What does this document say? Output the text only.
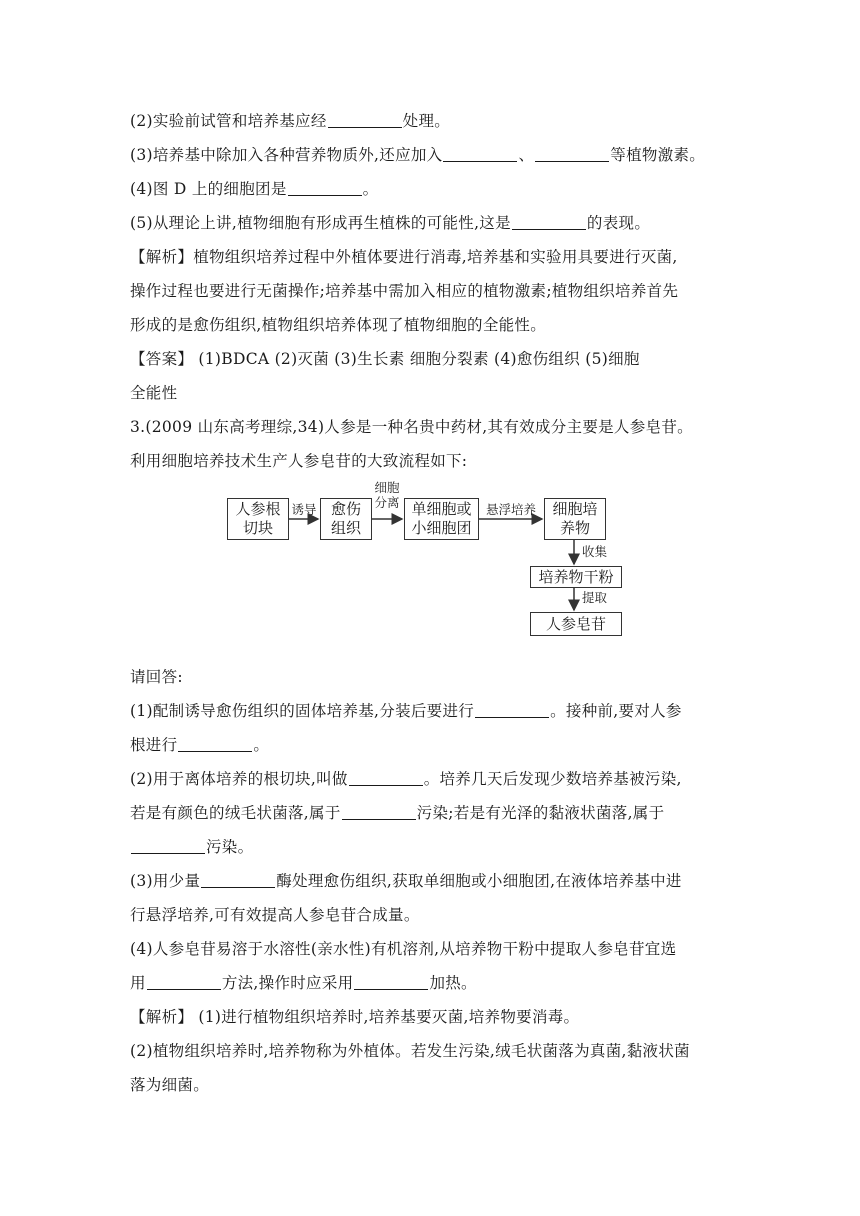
(2)实验前试管和培养基应经	处理。
(3)培养基中除加入各种营养物质外,还应加入	、	等植物激素。
(4)图 D 上的细胞团是	。
(5)从理论上讲,植物细胞有形成再生植株的可能性,这是	的表现。
【解析】植物组织培养过程中外植体要进行消毒,培养基和实验用具要进行灭菌,
操作过程也要进行无菌操作;培养基中需加入相应的植物激素;植物组织培养首先
形成的是愈伤组织,植物组织培养体现了植物细胞的全能性。
【答案】 (1)BDCA (2)灭菌 (3)生长素 细胞分裂素 (4)愈伤组织 (5)细胞
全能性
3.(2009 山东高考理综,34)人参是一种名贵中药材,其有效成分主要是人参皂苷。
利用细胞培养技术生产人参皂苷的大致流程如下:
人参根
切块
愈伤
组织
单细胞或
小细胞团
细胞培
养物
培养物干粉
人参皂苷
诱导
细胞
分离	悬浮培养
收集
提取
请回答:
(1)配制诱导愈伤组织的固体培养基,分装后要进行	。接种前,要对人参
根进行	。
(2)用于离体培养的根切块,叫做	。培养几天后发现少数培养基被污染,
若是有颜色的绒毛状菌落,属于	污染;若是有光泽的黏液状菌落,属于
污染。
(3)用少量	酶处理愈伤组织,获取单细胞或小细胞团,在液体培养基中进
行悬浮培养,可有效提高人参皂苷合成量。
(4)人参皂苷易溶于水溶性(亲水性)有机溶剂,从培养物干粉中提取人参皂苷宜选
用	方法,操作时应采用	加热。
【解析】 (1)进行植物组织培养时,培养基要灭菌,培养物要消毒。
(2)植物组织培养时,培养物称为外植体。若发生污染,绒毛状菌落为真菌,黏液状菌
落为细菌。
